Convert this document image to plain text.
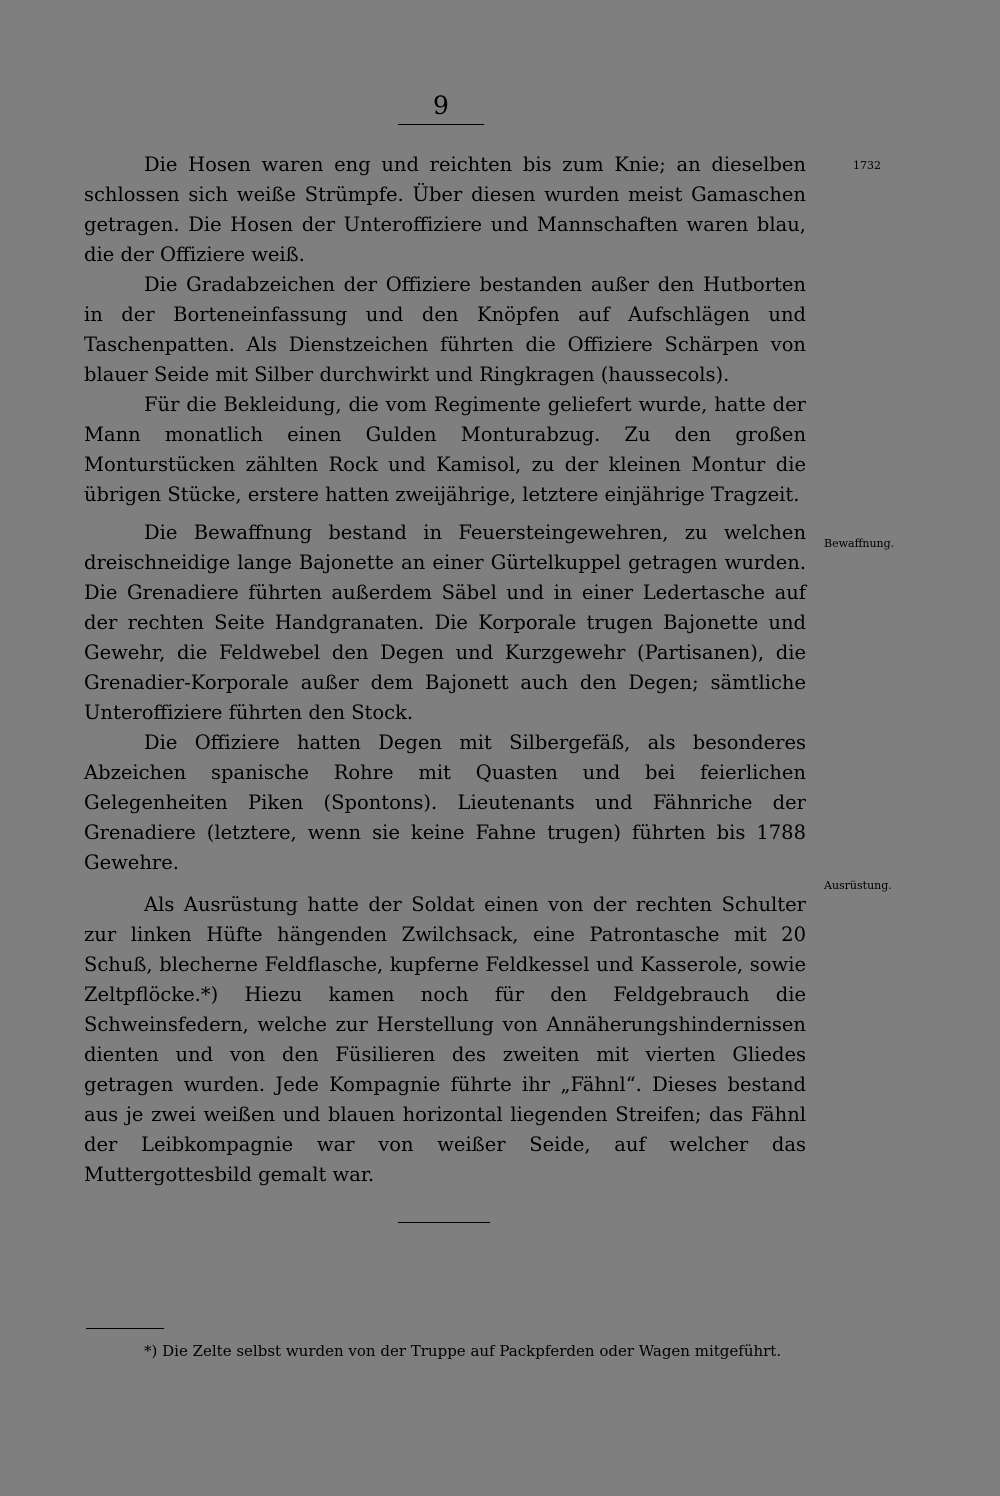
9
1732
Bewaffnung.
Ausrüstung.

Die Hosen waren eng und reichten bis zum Knie; an dieselben schlossen sich weiße Strümpfe. Über diesen wurden meist Gamaschen getragen. Die Hosen der Unteroffiziere und Mannschaften waren blau, die der Offiziere weiß.

Die Gradabzeichen der Offiziere bestanden außer den Hutborten in der Borteneinfassung und den Knöpfen auf Aufschlägen und Taschenpatten. Als Dienstzeichen führten die Offiziere Schärpen von blauer Seide mit Silber durchwirkt und Ringkragen (haussecols).

Für die Bekleidung, die vom Regimente geliefert wurde, hatte der Mann monatlich einen Gulden Monturabzug. Zu den großen Monturstücken zählten Rock und Kamisol, zu der kleinen Montur die übrigen Stücke, erstere hatten zweijährige, letztere einjährige Tragzeit.

Die Bewaffnung bestand in Feuersteingewehren, zu welchen dreischneidige lange Bajonette an einer Gürtelkuppel getragen wurden. Die Grenadiere führten außerdem Säbel und in einer Ledertasche auf der rechten Seite Handgranaten. Die Korporale trugen Bajonette und Gewehr, die Feldwebel den Degen und Kurzgewehr (Partisanen), die Grenadier-Korporale außer dem Bajonett auch den Degen; sämtliche Unteroffiziere führten den Stock.

Die Offiziere hatten Degen mit Silbergefäß, als besonderes Abzeichen spanische Rohre mit Quasten und bei feierlichen Gelegenheiten Piken (Spontons). Lieutenants und Fähnriche der Grenadiere (letztere, wenn sie keine Fahne trugen) führten bis 1788 Gewehre.

Als Ausrüstung hatte der Soldat einen von der rechten Schulter zur linken Hüfte hängenden Zwilchsack, eine Patrontasche mit 20 Schuß, blecherne Feldflasche, kupferne Feldkessel und Kasserole, sowie Zeltpflöcke.*) Hiezu kamen noch für den Feldgebrauch die Schweinsfedern, welche zur Herstellung von Annäherungshindernissen dienten und von den Füsilieren des zweiten mit vierten Gliedes getragen wurden. Jede Kompagnie führte ihr „Fähnl“. Dieses bestand aus je zwei weißen und blauen horizontal liegenden Streifen; das Fähnl der Leibkompagnie war von weißer Seide, auf welcher das Muttergottesbild gemalt war.

*) Die Zelte selbst wurden von der Truppe auf Packpferden oder Wagen mitgeführt.
